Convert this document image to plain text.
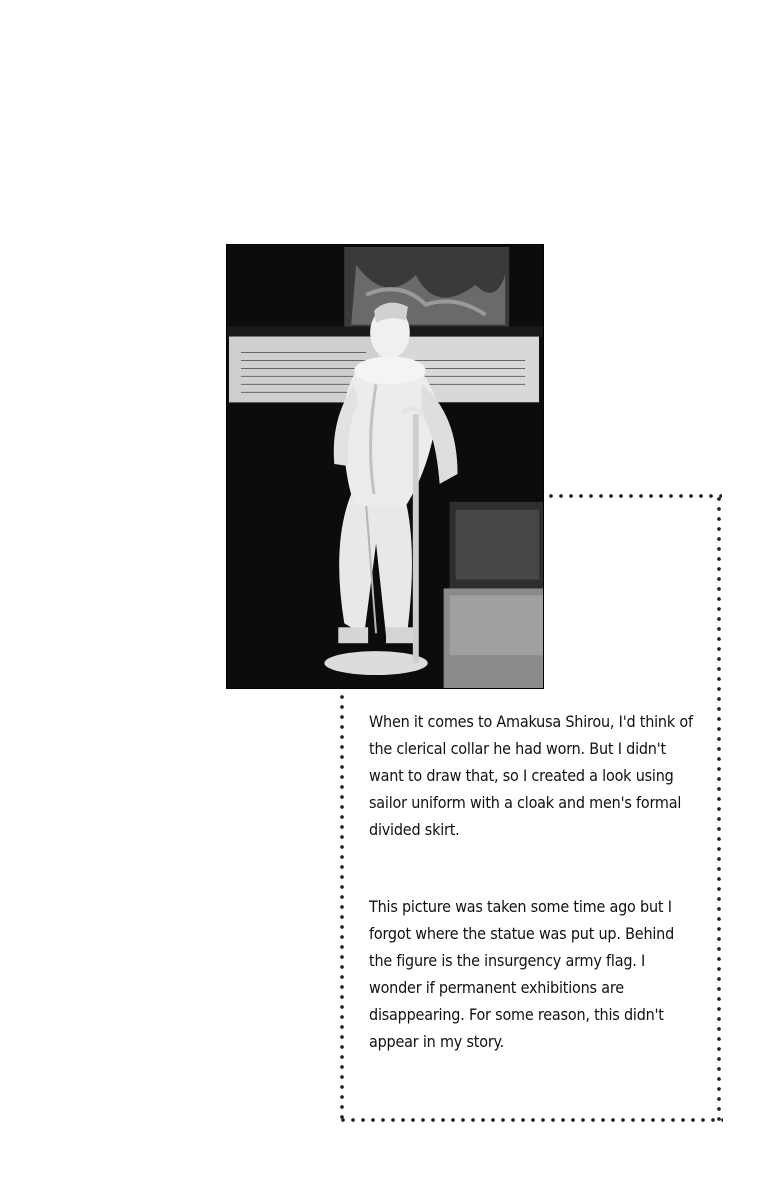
When it comes to Amakusa Shirou, I'd think of the clerical collar he had worn. But I didn't want to draw that, so I created a look using sailor uniform with a cloak and men's formal divided skirt.

This picture was taken some time ago but I forgot where the statue was put up. Behind the figure is the insurgency army flag. I wonder if permanent exhibitions are disappearing. For some reason, this didn't appear in my story.
